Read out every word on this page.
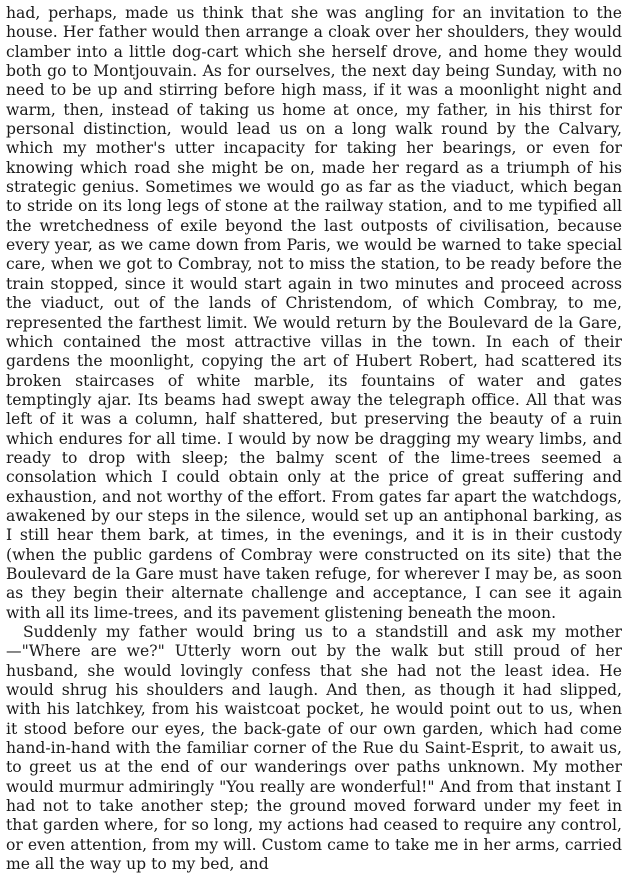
had, perhaps, made us think that she was angling for an invitation to the house. Her father would then arrange a cloak over her shoulders, they would clamber into a little dog-cart which she herself drove, and home they would both go to Montjouvain. As for ourselves, the next day being Sunday, with no need to be up and stirring before high mass, if it was a moonlight night and warm, then, instead of taking us home at once, my father, in his thirst for personal distinction, would lead us on a long walk round by the Calvary, which my mother's utter incapacity for taking her bearings, or even for knowing which road she might be on, made her regard as a triumph of his strategic genius. Sometimes we would go as far as the viaduct, which began to stride on its long legs of stone at the railway station, and to me typified all the wretchedness of exile beyond the last outposts of civilisation, because every year, as we came down from Paris, we would be warned to take special care, when we got to Combray, not to miss the station, to be ready before the train stopped, since it would start again in two minutes and proceed across the viaduct, out of the lands of Christendom, of which Combray, to me, represented the farthest limit. We would return by the Boulevard de la Gare, which contained the most attractive villas in the town. In each of their gardens the moonlight, copying the art of Hubert Robert, had scattered its broken staircases of white marble, its fountains of water and gates temptingly ajar. Its beams had swept away the telegraph office. All that was left of it was a column, half shattered, but preserving the beauty of a ruin which endures for all time. I would by now be dragging my weary limbs, and ready to drop with sleep; the balmy scent of the lime-trees seemed a consolation which I could obtain only at the price of great suffering and exhaustion, and not worthy of the effort. From gates far apart the watchdogs, awakened by our steps in the silence, would set up an antiphonal barking, as I still hear them bark, at times, in the evenings, and it is in their custody (when the public gardens of Combray were constructed on its site) that the Boulevard de la Gare must have taken refuge, for wherever I may be, as soon as they begin their alternate challenge and acceptance, I can see it again with all its lime-trees, and its pavement glistening beneath the moon.

Suddenly my father would bring us to a standstill and ask my mother—"Where are we?" Utterly worn out by the walk but still proud of her husband, she would lovingly confess that she had not the least idea. He would shrug his shoulders and laugh. And then, as though it had slipped, with his latchkey, from his waistcoat pocket, he would point out to us, when it stood before our eyes, the back-gate of our own garden, which had come hand-in-hand with the familiar corner of the Rue du Saint-Esprit, to await us, to greet us at the end of our wanderings over paths unknown. My mother would murmur admiringly "You really are wonderful!" And from that instant I had not to take another step; the ground moved forward under my feet in that garden where, for so long, my actions had ceased to require any control, or even attention, from my will. Custom came to take me in her arms, carried me all the way up to my bed, and
